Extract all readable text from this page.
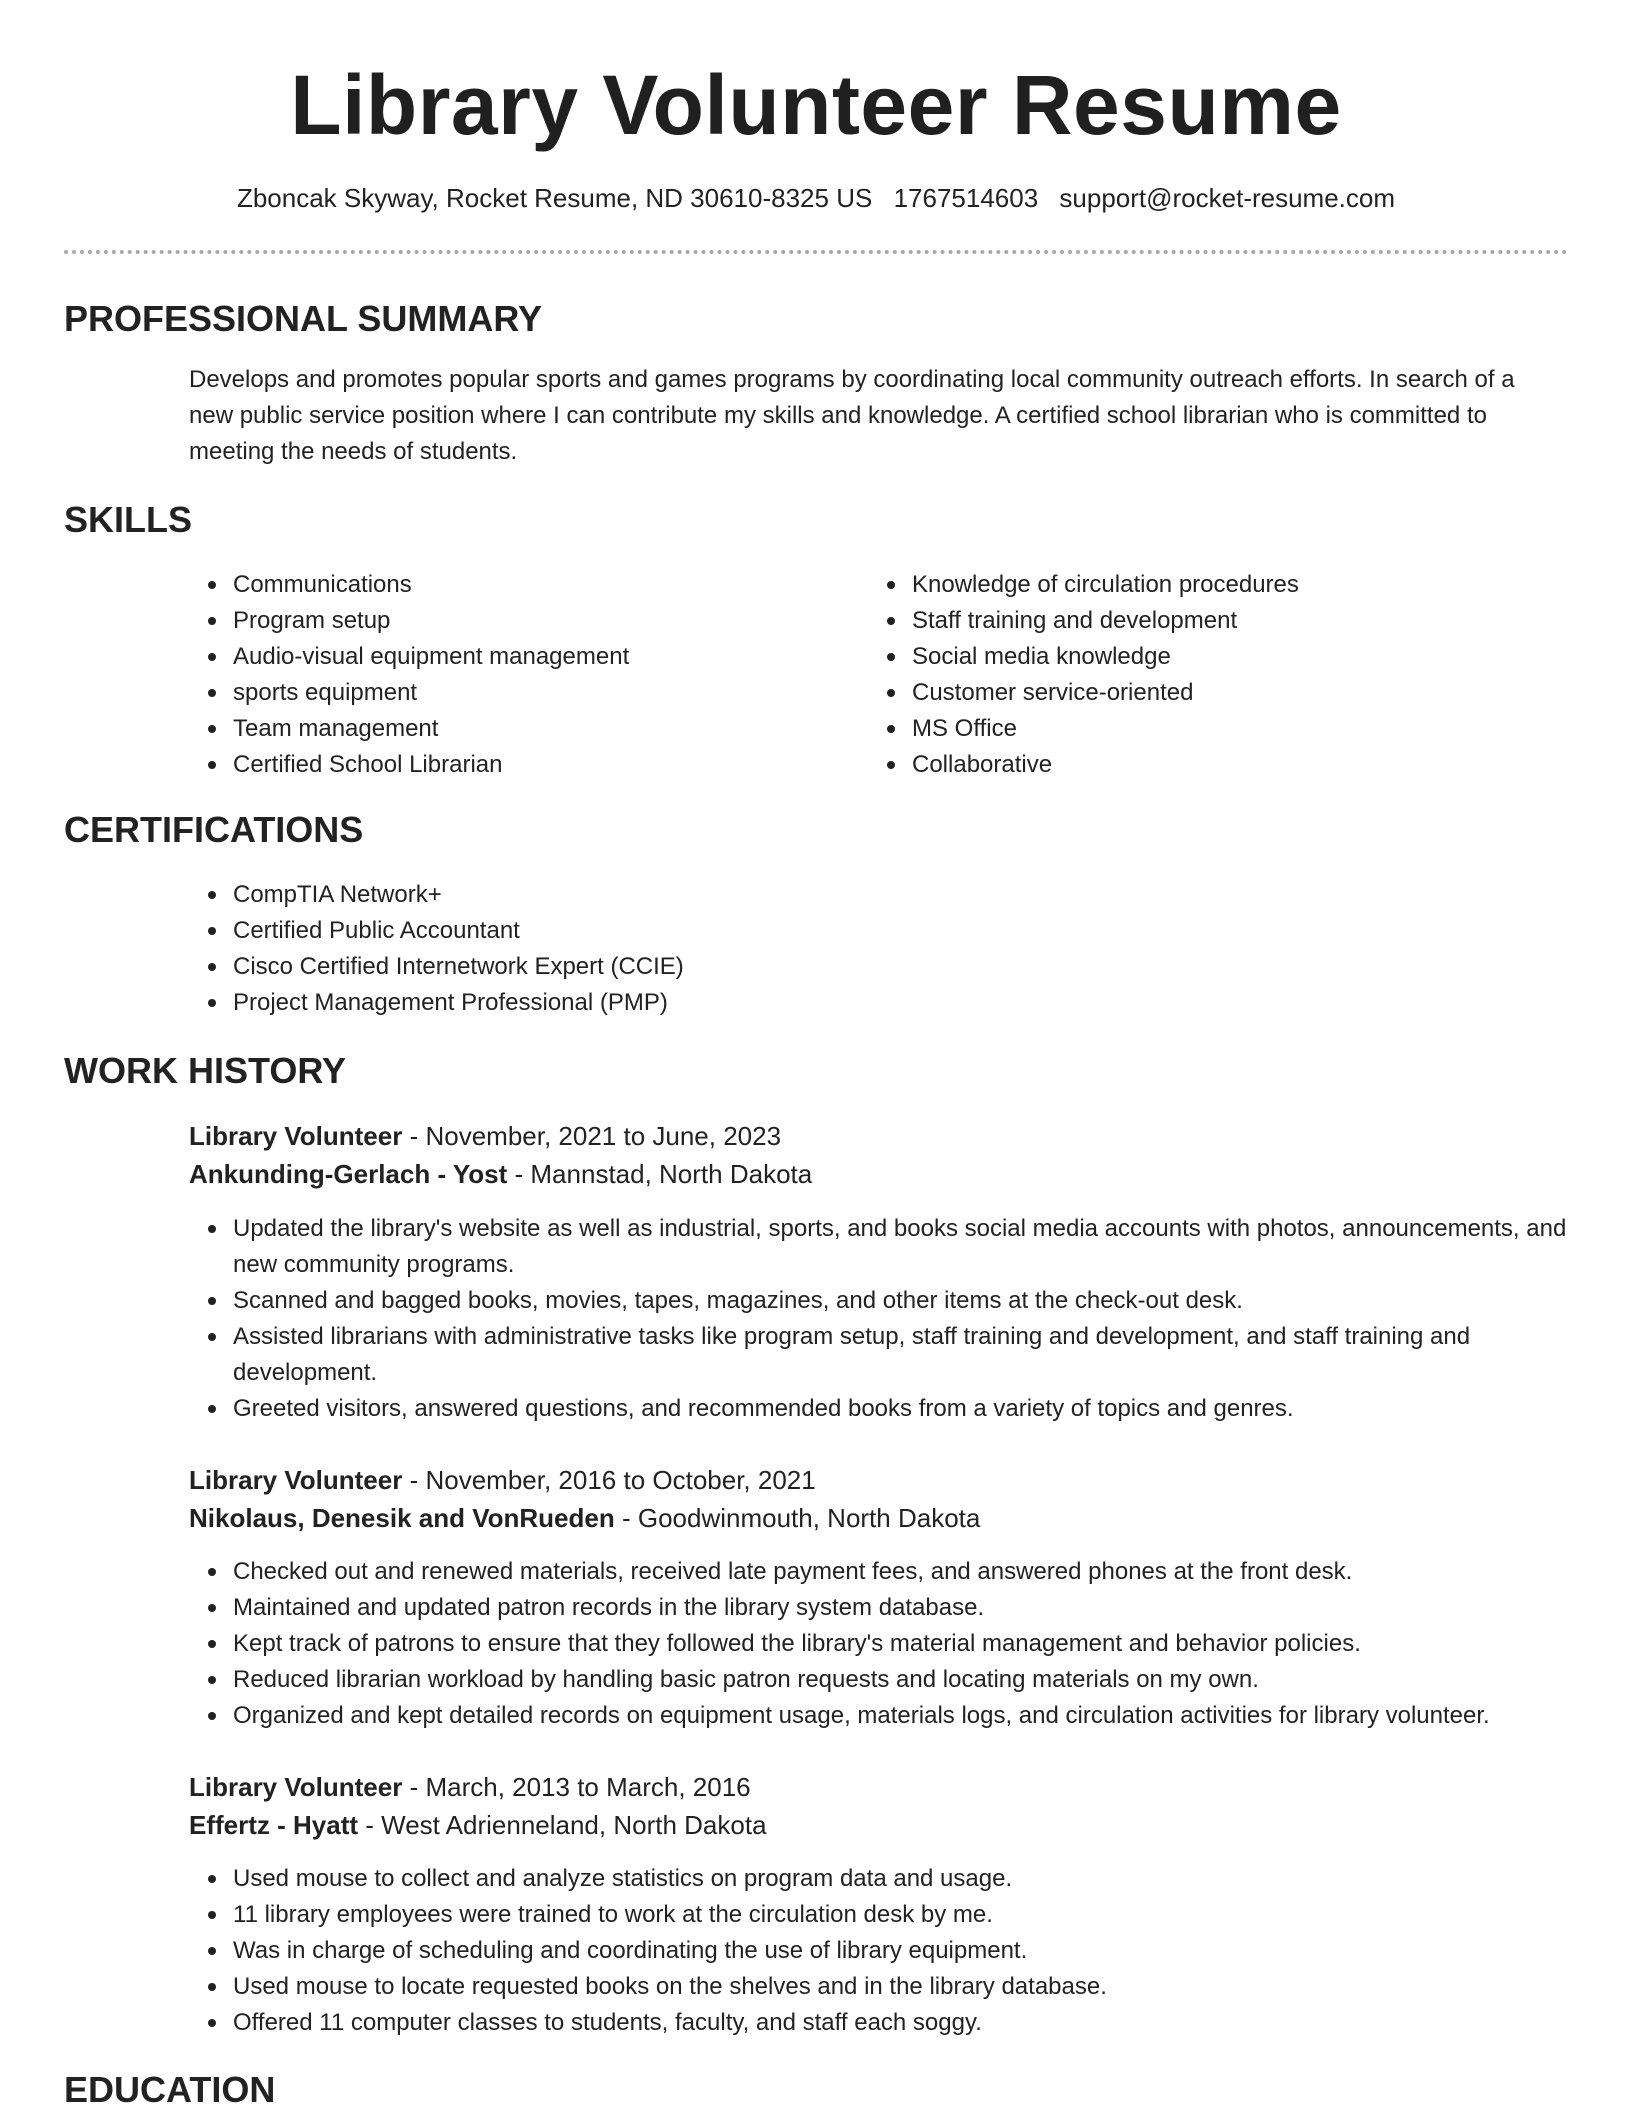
Library Volunteer Resume
Zboncak Skyway, Rocket Resume, ND 30610-8325 US 1767514603 support@rocket-resume.com
PROFESSIONAL SUMMARY

Develops and promotes popular sports and games programs by coordinating local community outreach efforts. In search of a new public service position where I can contribute my skills and knowledge. A certified school librarian who is committed to meeting the needs of students.

SKILLS
Communications
Program setup
Audio-visual equipment management
sports equipment
Team management
Certified School Librarian
Knowledge of circulation procedures
Staff training and development
Social media knowledge
Customer service-oriented
MS Office
Collaborative
CERTIFICATIONS
CompTIA Network+
Certified Public Accountant
Cisco Certified Internetwork Expert (CCIE)
Project Management Professional (PMP)
WORK HISTORY
Library Volunteer - November, 2021 to June, 2023
Ankunding-Gerlach - Yost - Mannstad, North Dakota
Updated the library's website as well as industrial, sports, and books social media accounts with photos, announcements, and new community programs.
Scanned and bagged books, movies, tapes, magazines, and other items at the check-out desk.
Assisted librarians with administrative tasks like program setup, staff training and development, and staff training and development.
Greeted visitors, answered questions, and recommended books from a variety of topics and genres.
Library Volunteer - November, 2016 to October, 2021
Nikolaus, Denesik and VonRueden - Goodwinmouth, North Dakota
Checked out and renewed materials, received late payment fees, and answered phones at the front desk.
Maintained and updated patron records in the library system database.
Kept track of patrons to ensure that they followed the library's material management and behavior policies.
Reduced librarian workload by handling basic patron requests and locating materials on my own.
Organized and kept detailed records on equipment usage, materials logs, and circulation activities for library volunteer.
Library Volunteer - March, 2013 to March, 2016
Effertz - Hyatt - West Adrienneland, North Dakota
Used mouse to collect and analyze statistics on program data and usage.
11 library employees were trained to work at the circulation desk by me.
Was in charge of scheduling and coordinating the use of library equipment.
Used mouse to locate requested books on the shelves and in the library database.
Offered 11 computer classes to students, faculty, and staff each soggy.
EDUCATION
